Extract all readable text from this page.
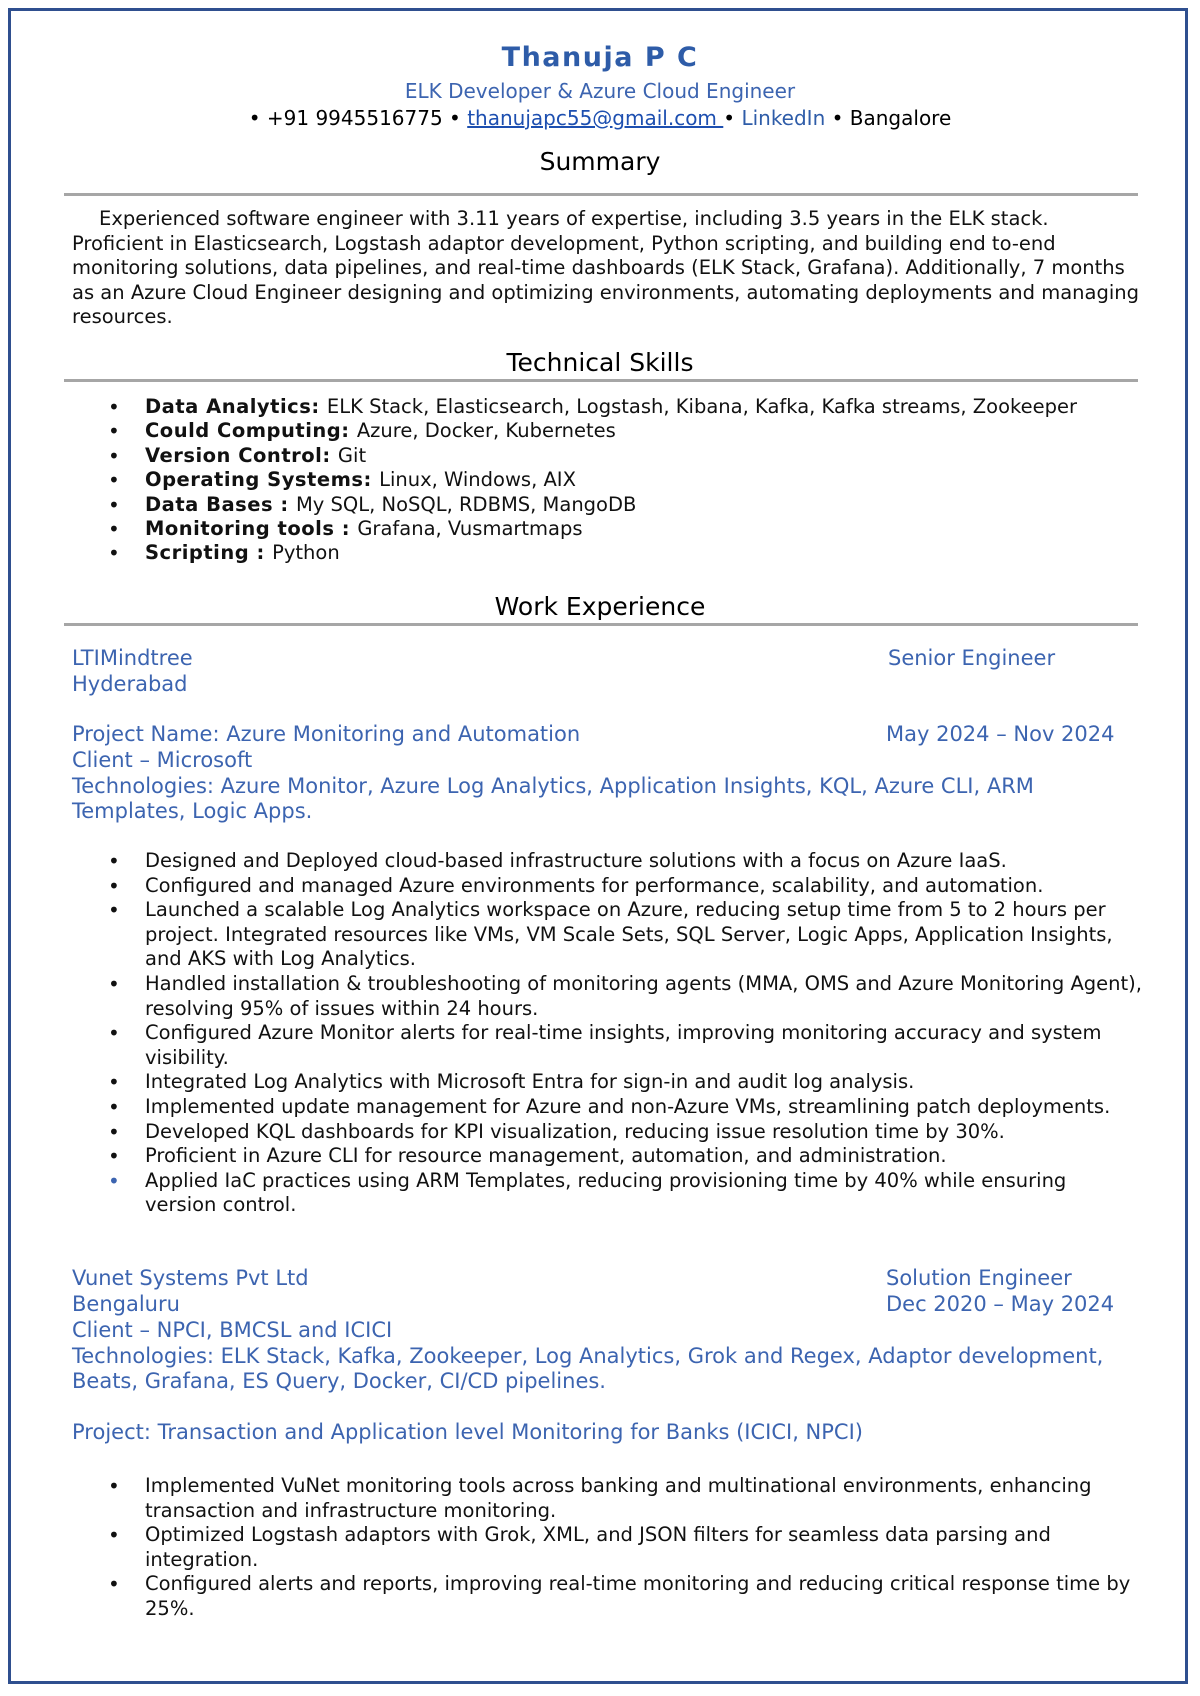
Thanuja P C
ELK Developer & Azure Cloud Engineer
• +91 9945516775 • thanujapc55@gmail.com • LinkedIn • Bangalore
Summary
Experienced software engineer with 3.11 years of expertise, including 3.5 years in the ELK stack. Proficient in Elasticsearch, Logstash adaptor development, Python scripting, and building end to-end monitoring solutions, data pipelines, and real-time dashboards (ELK Stack, Grafana). Additionally, 7 months as an Azure Cloud Engineer designing and optimizing environments, automating deployments and managing resources.
Technical Skills
• Data Analytics: ELK Stack, Elasticsearch, Logstash, Kibana, Kafka, Kafka streams, Zookeeper
• Could Computing: Azure, Docker, Kubernetes
• Version Control: Git
• Operating Systems: Linux, Windows, AIX
• Data Bases : My SQL, NoSQL, RDBMS, MangoDB
• Monitoring tools : Grafana, Vusmartmaps
• Scripting : Python
Work Experience
LTIMindtree	Senior Engineer
Hyderabad
Project Name: Azure Monitoring and Automation	May 2024 – Nov 2024
Client – Microsoft
Technologies: Azure Monitor, Azure Log Analytics, Application Insights, KQL, Azure CLI, ARM
Templates, Logic Apps.
• Designed and Deployed cloud-based infrastructure solutions with a focus on Azure IaaS.
• Configured and managed Azure environments for performance, scalability, and automation.
• Launched a scalable Log Analytics workspace on Azure, reducing setup time from 5 to 2 hours per project. Integrated resources like VMs, VM Scale Sets, SQL Server, Logic Apps, Application Insights, and AKS with Log Analytics.
• Handled installation & troubleshooting of monitoring agents (MMA, OMS and Azure Monitoring Agent), resolving 95% of issues within 24 hours.
• Configured Azure Monitor alerts for real-time insights, improving monitoring accuracy and system visibility.
• Integrated Log Analytics with Microsoft Entra for sign-in and audit log analysis.
• Implemented update management for Azure and non-Azure VMs, streamlining patch deployments.
• Developed KQL dashboards for KPI visualization, reducing issue resolution time by 30%.
• Proficient in Azure CLI for resource management, automation, and administration.
• Applied IaC practices using ARM Templates, reducing provisioning time by 40% while ensuring version control.
Vunet Systems Pvt Ltd	Solution Engineer
Bengaluru	Dec 2020 – May 2024
Client – NPCI, BMCSL and ICICI
Technologies: ELK Stack, Kafka, Zookeeper, Log Analytics, Grok and Regex, Adaptor development,
Beats, Grafana, ES Query, Docker, CI/CD pipelines.
Project: Transaction and Application level Monitoring for Banks (ICICI, NPCI)
• Implemented VuNet monitoring tools across banking and multinational environments, enhancing transaction and infrastructure monitoring.
• Optimized Logstash adaptors with Grok, XML, and JSON filters for seamless data parsing and integration.
• Configured alerts and reports, improving real-time monitoring and reducing critical response time by 25%.
